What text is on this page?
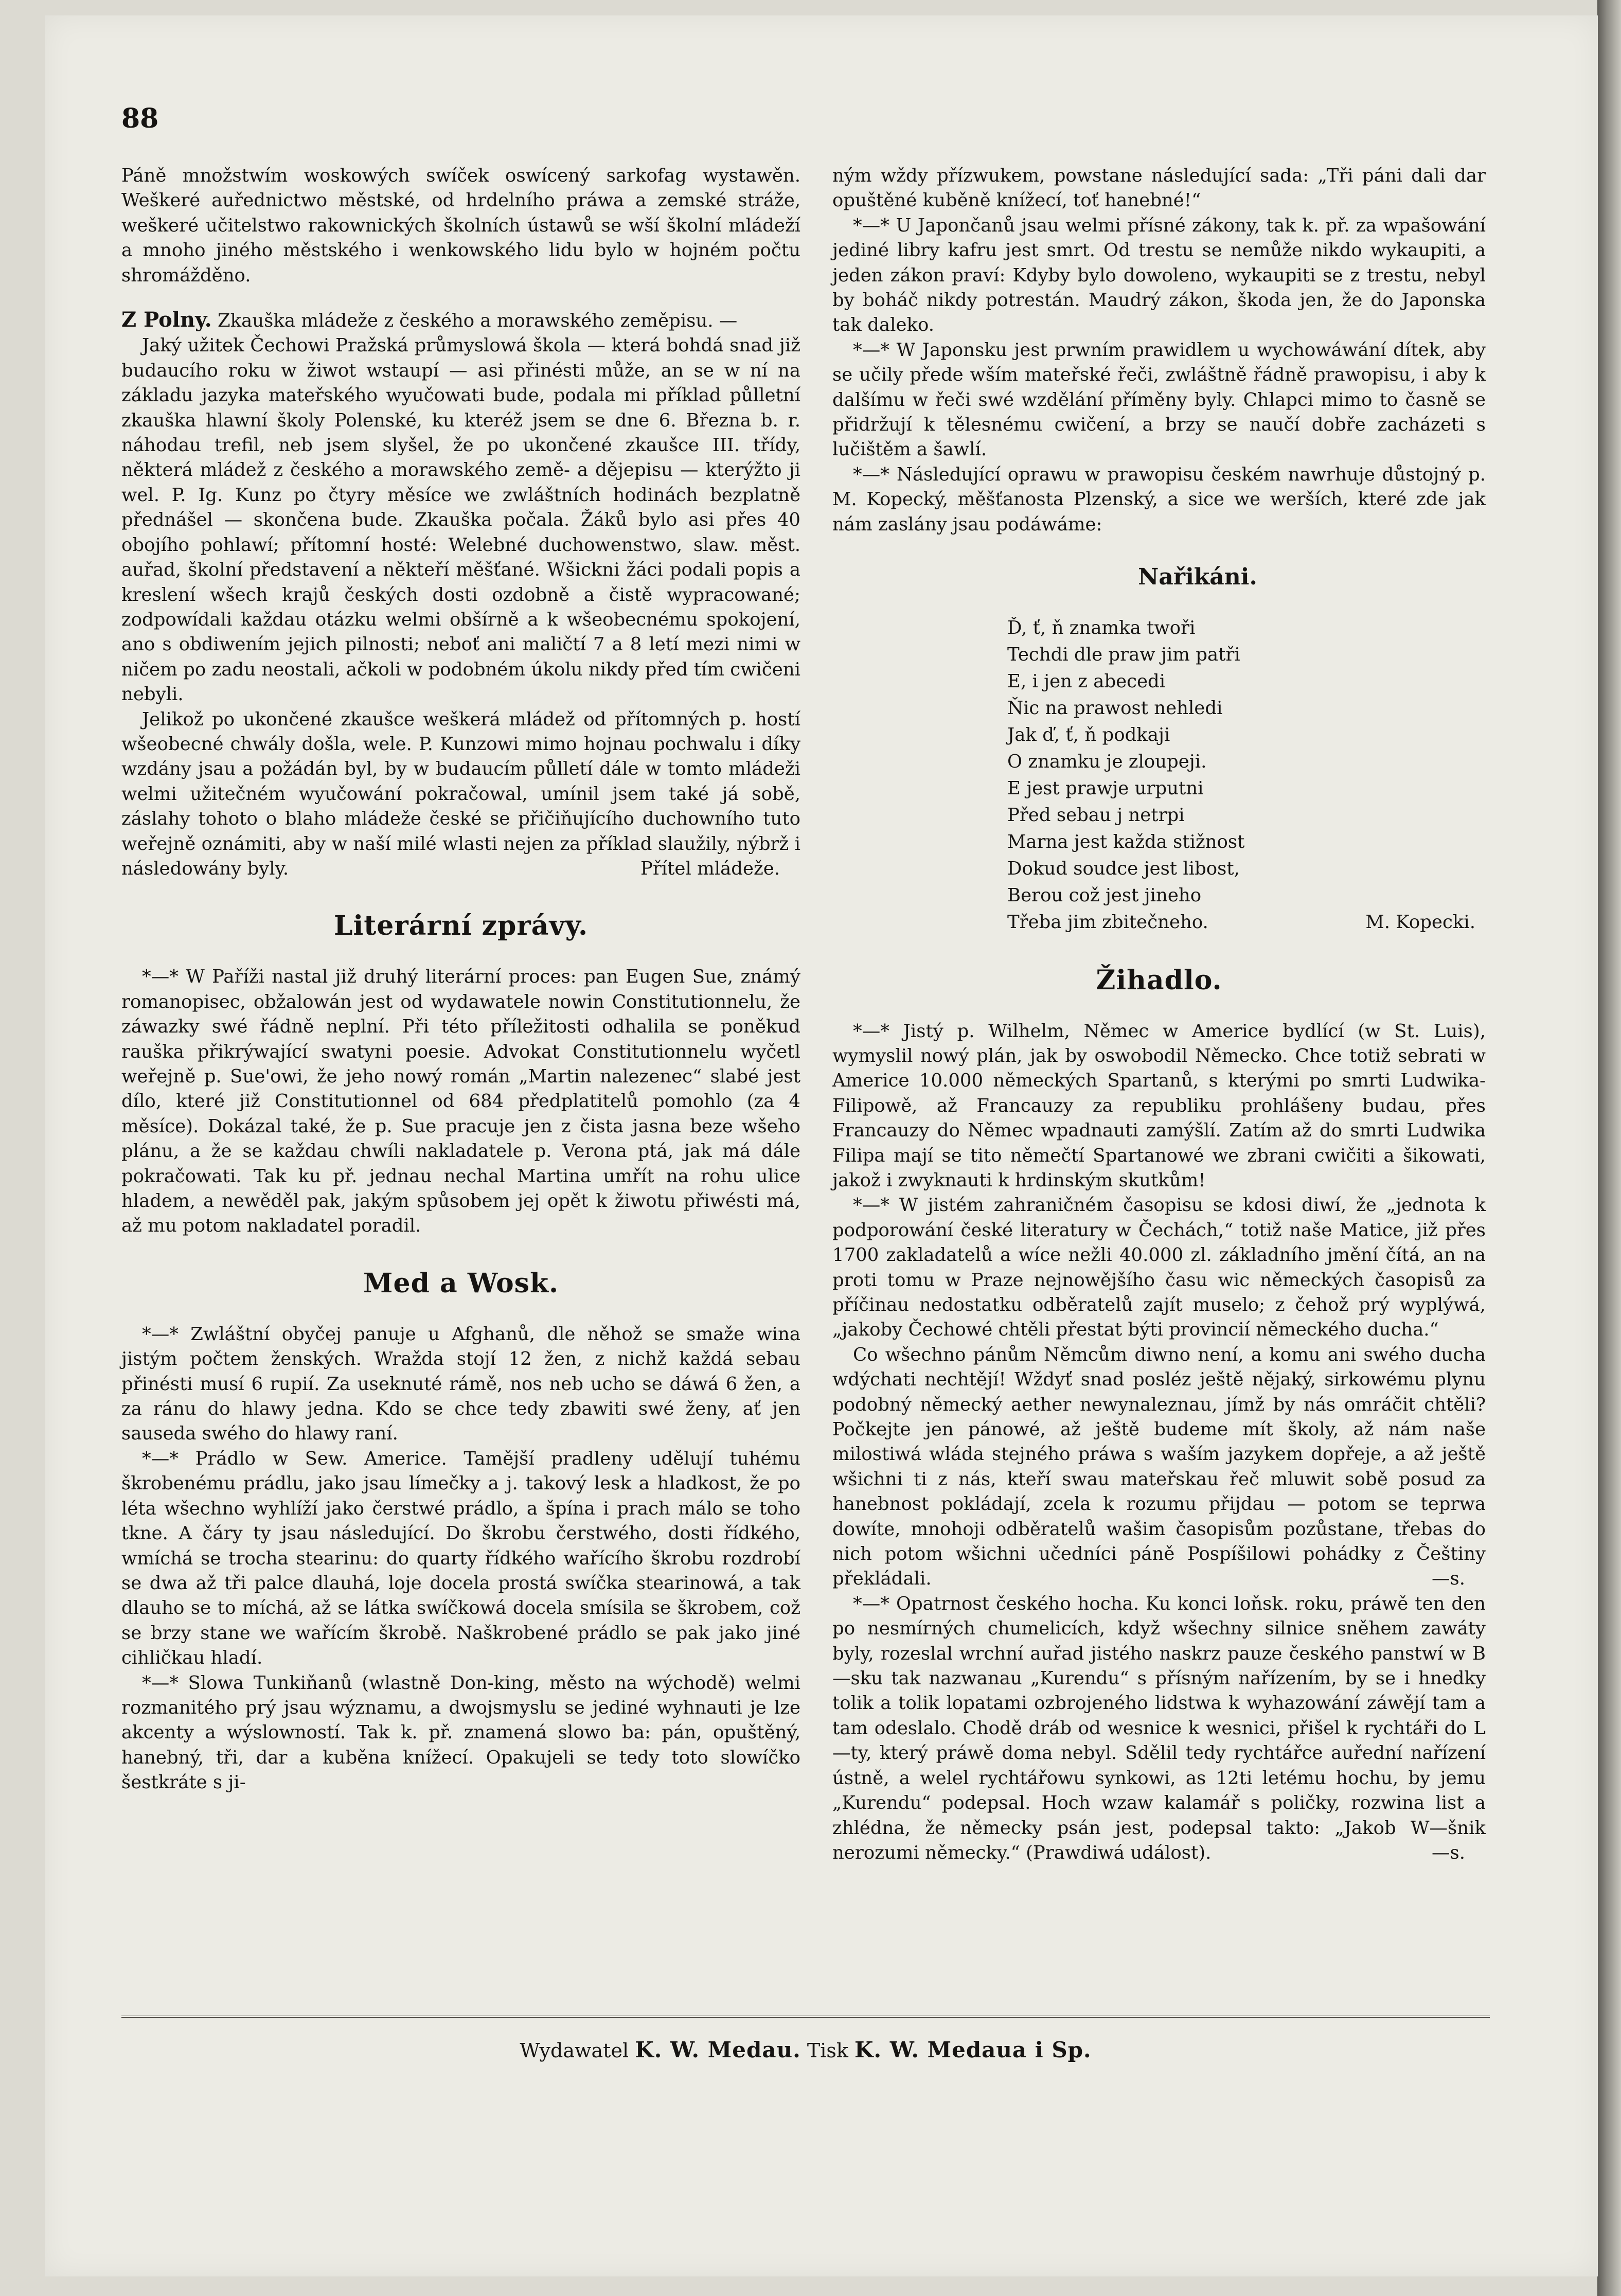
88

Páně množstwím woskowých swíček oswícený sarkofag wystawěn. Weškeré auřednictwo městské, od hrdelního práwa a zemské stráže, weškeré učitelstwo rakownických školních ústawů se wší školní mládeží a mnoho jiného městského i wenkowského lidu bylo w hojném počtu shromážděno.

Z Polny. Zkauška mládeže z českého a morawského zeměpisu. —

Jaký užitek Čechowi Pražská průmyslowá škola — která bohdá snad již budaucího roku w žiwot wstaupí — asi přinésti může, an se w ní na základu jazyka mateřského wyučowati bude, podala mi příklad půlletní zkauška hlawní školy Polenské, ku kteréž jsem se dne 6. Března b. r. náhodau trefil, neb jsem slyšel, že po ukončené zkaušce III. třídy, některá mládež z českého a morawského země- a dějepisu — kterýžto ji wel. P. Ig. Kunz po čtyry měsíce we zwláštních hodinách bezplatně přednášel — skončena bude. Zkauška počala. Žáků bylo asi přes 40 obojího pohlawí; přítomní hosté: Welebné duchowenstwo, slaw. měst. auřad, školní představení a někteří měšťané. Wšickni žáci podali popis a kreslení wšech krajů českých dosti ozdobně a čistě wypracowané; zodpowídali každau otázku welmi obšírně a k wšeobecnému spokojení, ano s obdiwením jejich pilnosti; neboť ani maličtí 7 a 8 letí mezi nimi w ničem po zadu neostali, ačkoli w podobném úkolu nikdy před tím cwičeni nebyli.

Jelikož po ukončené zkaušce weškerá mládež od přítomných p. hostí wšeobecné chwály došla, wele. P. Kunzowi mimo hojnau pochwalu i díky wzdány jsau a požádán byl, by w budaucím půlletí dále w tomto mládeži welmi užitečném wyučowání pokračowal, umínil jsem také já sobě, záslahy tohoto o blaho mládeže české se přičiňujícího duchowního tuto weřejně oznámiti, aby w naší milé wlasti nejen za příklad slaužily, nýbrž i následowány byly.	Přítel mládeže.

Literární zprávy.

*—* W Paříži nastal již druhý literární proces: pan Eugen Sue, známý romanopisec, obžalowán jest od wydawatele nowin Constitutionnelu, že záwazky swé řádně neplní. Při této příležitosti odhalila se poněkud rauška přikrýwající swatyni poesie. Advokat Constitutionnelu wyčetl weřejně p. Sue'owi, že jeho nowý román „Martin nalezenec“ slabé jest dílo, které již Constitutionnel od 684 předplatitelů pomohlo (za 4 měsíce). Dokázal také, že p. Sue pracuje jen z čista jasna beze wšeho plánu, a že se každau chwíli nakladatele p. Verona ptá, jak má dále pokračowati. Tak ku př. jednau nechal Martina umřít na rohu ulice hladem, a newěděl pak, jakým spůsobem jej opět k žiwotu přiwésti má, až mu potom nakladatel poradil.

Med a Wosk.

*—* Zwláštní obyčej panuje u Afghanů, dle něhož se smaže wina jistým počtem ženských. Wražda stojí 12 žen, z nichž každá sebau přinésti musí 6 rupií. Za useknuté rámě, nos neb ucho se dáwá 6 žen, a za ránu do hlawy jedna. Kdo se chce tedy zbawiti swé ženy, ať jen sauseda swého do hlawy raní.

*—* Prádlo w Sew. Americe. Tamější pradleny udělují tuhému škrobenému prádlu, jako jsau límečky a j. takový lesk a hladkost, že po léta wšechno wyhlíží jako čerstwé prádlo, a špína i prach málo se toho tkne. A čáry ty jsau následující. Do škrobu čerstwého, dosti řídkého, wmíchá se trocha stearinu: do quarty řídkého wařícího škrobu rozdrobí se dwa až tři palce dlauhá, loje docela prostá swíčka stearinowá, a tak dlauho se to míchá, až se látka swíčkowá docela smísila se škrobem, což se brzy stane we wařícím škrobě. Naškrobené prádlo se pak jako jiné cihličkau hladí.

*—* Slowa Tunkiňanů (wlastně Don-king, město na wýchodě) welmi rozmanitého prý jsau wýznamu, a dwojsmyslu se jediné wyhnauti je lze akcenty a wýslowností. Tak k. př. znamená slowo ba: pán, opuštěný, hanebný, tři, dar a kuběna knížecí. Opakujeli se tedy toto slowíčko šestkráte s ji-

ným wždy přízwukem, powstane následující sada: „Tři páni dali dar opuštěné kuběně knížecí, toť hanebné!“

*—* U Japončanů jsau welmi přísné zákony, tak k. př. za wpašowání jediné libry kafru jest smrt. Od trestu se nemůže nikdo wykaupiti, a jeden zákon praví: Kdyby bylo dowoleno, wykaupiti se z trestu, nebyl by boháč nikdy potrestán. Maudrý zákon, škoda jen, že do Japonska tak daleko.

*—* W Japonsku jest prwním prawidlem u wychowáwání dítek, aby se učily přede wším mateřské řeči, zwláštně řádně prawopisu, i aby k dalšímu w řeči swé wzdělání příměny byly. Chlapci mimo to časně se přidržují k tělesnému cwičení, a brzy se naučí dobře zacházeti s lučištěm a šawlí.

*—* Následující oprawu w prawopisu českém nawrhuje důstojný p. M. Kopecký, měšťanosta Plzenský, a sice we werších, které zde jak nám zaslány jsau podáwáme:

Nařikáni.
Ď, ť, ň znamka twoři
Techdi dle praw jim patři
E, i jen z abecedi
Ňic na prawost nehledi
Jak ď, ť, ň podkaji
O znamku je zloupeji.
E jest prawje urputni
Před sebau j netrpi
Marna jest každa stižnost
Dokud soudce jest libost,
Berou což jest jineho
Třeba jim zbitečneho.	M. Kopecki.
Žihadlo.

*—* Jistý p. Wilhelm, Němec w Americe bydlící (w St. Luis), wymyslil nowý plán, jak by oswobodil Německo. Chce totiž sebrati w Americe 10.000 německých Spartanů, s kterými po smrti Ludwika-Filipowě, až Francauzy za republiku prohlášeny budau, přes Francauzy do Němec wpadnauti zamýšlí. Zatím až do smrti Ludwika Filipa mají se tito němečtí Spartanowé we zbrani cwičiti a šikowati, jakož i zwyknauti k hrdinským skutkům!

*—* W jistém zahraničném časopisu se kdosi diwí, že „jednota k podporowání české literatury w Čechách,“ totiž naše Matice, již přes 1700 zakladatelů a wíce nežli 40.000 zl. základního jmění čítá, an na proti tomu w Praze nejnowějšího času wic německých časopisů za příčinau nedostatku odběratelů zajít muselo; z čehož prý wyplýwá, „jakoby Čechowé chtěli přestat býti provincií německého ducha.“

Co wšechno pánům Němcům diwno není, a komu ani swého ducha wdýchati nechtějí! Wždyť snad posléz ještě nějaký, sirkowému plynu podobný německý aether newynaleznau, jímž by nás omráčit chtěli? Počkejte jen pánowé, až ještě budeme mít školy, až nám naše milostiwá wláda stejného práwa s waším jazykem dopřeje, a až ještě wšichni ti z nás, kteří swau mateřskau řeč mluwit sobě posud za hanebnost pokládají, zcela k rozumu přijdau — potom se teprwa dowíte, mnohoji odběratelů wašim časopisům pozůstane, třebas do nich potom wšichni učedníci páně Pospíšilowi pohádky z Češtiny překládali.	—s.

*—* Opatrnost českého hocha. Ku konci loňsk. roku, práwě ten den po nesmírných chumelicích, když wšechny silnice sněhem zawáty byly, rozeslal wrchní auřad jistého naskrz pauze českého panstwí w B—sku tak nazwanau „Kurendu“ s přísným nařízením, by se i hnedky tolik a tolik lopatami ozbrojeného lidstwa k wyhazowání záwějí tam a tam odeslalo. Chodě dráb od wesnice k wesnici, přišel k rychtáři do L—ty, který práwě doma nebyl. Sdělil tedy rychtářce auřední nařízení ústně, a welel rychtářowu synkowi, as 12ti letému hochu, by jemu „Kurendu“ podepsal. Hoch wzaw kalamář s poličky, rozwina list a zhlédna, že německy psán jest, podepsal takto: „Jakob W—šnik nerozumi německy.“ (Prawdiwá událost).	—s.

Wydawatel K. W. Medau. Tisk K. W. Medaua i Sp.
